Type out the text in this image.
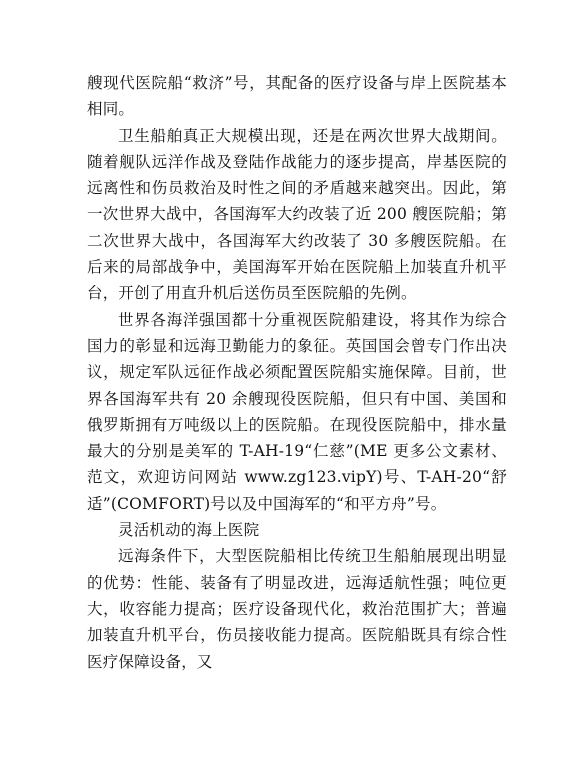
艘现代医院船“救济”号，其配备的医疗设备与岸上医院基本相同。

卫生船舶真正大规模出现，还是在两次世界大战期间。随着舰队远洋作战及登陆作战能力的逐步提高，岸基医院的远离性和伤员救治及时性之间的矛盾越来越突出。因此，第一次世界大战中，各国海军大约改装了近 200 艘医院船；第二次世界大战中，各国海军大约改装了 30 多艘医院船。在后来的局部战争中，美国海军开始在医院船上加装直升机平台，开创了用直升机后送伤员至医院船的先例。

世界各海洋强国都十分重视医院船建设，将其作为综合国力的彰显和远海卫勤能力的象征。英国国会曾专门作出决议，规定军队远征作战必须配置医院船实施保障。目前，世界各国海军共有 20 余艘现役医院船，但只有中国、美国和俄罗斯拥有万吨级以上的医院船。在现役医院船中，排水量最大的分别是美军的 T-AH-19“仁慈”(ME 更多公文素材、范文，欢迎访问网站 www.zg123.vipY)号、T-AH-20“舒适”(COMFORT)号以及中国海军的“和平方舟”号。

灵活机动的海上医院

远海条件下，大型医院船相比传统卫生船舶展现出明显的优势：性能、装备有了明显改进，远海适航性强；吨位更大，收容能力提高；医疗设备现代化，救治范围扩大；普遍加装直升机平台，伤员接收能力提高。医院船既具有综合性医疗保障设备，又
